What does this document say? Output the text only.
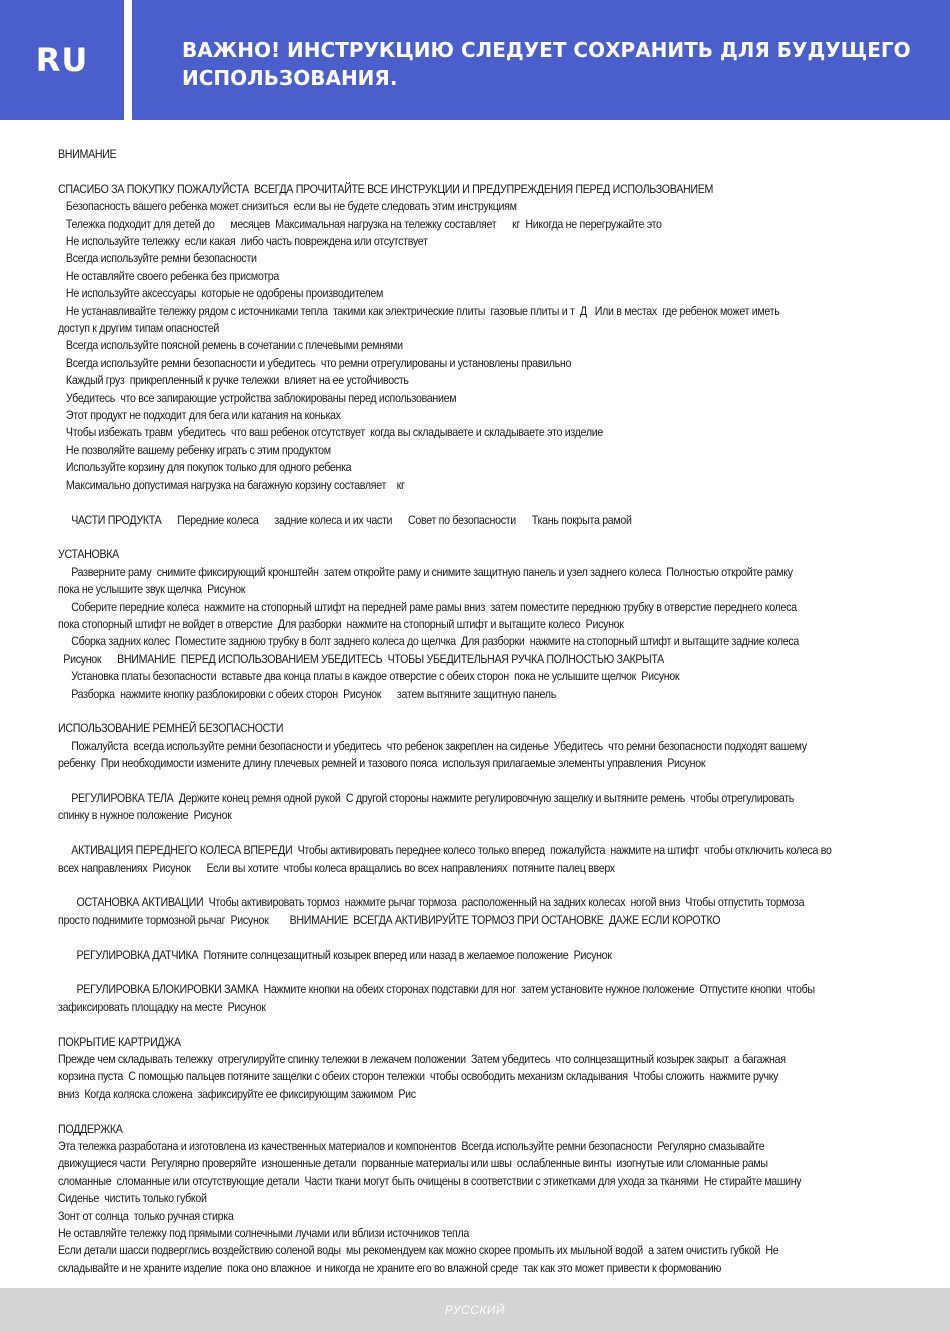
RU	ВАЖНО! ИНСТРУКЦИЮ СЛЕДУЕТ СОХРАНИТЬ ДЛЯ БУДУЩЕГО ИСПОЛЬЗОВАНИЯ.

ВНИМАНИЕ

СПАСИБО ЗА ПОКУПКУ ПОЖАЛУЙСТА  ВСЕГДА ПРОЧИТАЙТЕ ВСЕ ИНСТРУКЦИИ И ПРЕДУПРЕЖДЕНИЯ ПЕРЕД ИСПОЛЬЗОВАНИЕМ

Безопасность вашего ребенка может снизиться  если вы не будете следовать этим инструкциям

Тележка подходит для детей до      месяцев  Максимальная нагрузка на тележку составляет      кг  Никогда не перегружайте это

Не используйте тележку  если какая  либо часть повреждена или отсутствует

Всегда используйте ремни безопасности

Не оставляйте своего ребенка без присмотра

Не используйте аксессуары  которые не одобрены производителем

Не устанавливайте тележку рядом с источниками тепла  такими как электрические плиты  газовые плиты и т  Д   Или в местах  где ребенок может иметь

доступ к другим типам опасностей

Всегда используйте поясной ремень в сочетании с плечевыми ремнями

Всегда используйте ремни безопасности и убедитесь  что ремни отрегулированы и установлены правильно

Каждый груз  прикрепленный к ручке тележки  влияет на ее устойчивость

Убедитесь  что все запирающие устройства заблокированы перед использованием

Этот продукт не подходит для бега или катания на коньках

Чтобы избежать травм  убедитесь  что ваш ребенок отсутствует  когда вы складываете и складываете это изделие

Не позволяйте вашему ребенку играть с этим продуктом

Используйте корзину для покупок только для одного ребенка

Максимально допустимая нагрузка на багажную корзину составляет    кг

ЧАСТИ ПРОДУКТА      Передние колеса      задние колеса и их части      Совет по безопасности      Ткань покрыта рамой

УСТАНОВКА

Разверните раму  снимите фиксирующий кронштейн  затем откройте раму и снимите защитную панель и узел заднего колеса  Полностью откройте рамку

пока не услышите звук щелчка  Рисунок

Соберите передние колеса  нажмите на стопорный штифт на передней раме рамы вниз  затем поместите переднюю трубку в отверстие переднего колеса

пока стопорный штифт не войдет в отверстие  Для разборки  нажмите на стопорный штифт и вытащите колесо  Рисунок

Сборка задних колес  Поместите заднюю трубку в болт заднего колеса до щелчка  Для разборки  нажмите на стопорный штифт и вытащите задние колеса

Рисунок      ВНИМАНИЕ  ПЕРЕД ИСПОЛЬЗОВАНИЕМ УБЕДИТЕСЬ  ЧТОБЫ УБЕДИТЕЛЬНАЯ РУЧКА ПОЛНОСТЬЮ ЗАКРЫТА

Установка платы безопасности  вставьте два конца платы в каждое отверстие с обеих сторон  пока не услышите щелчок  Рисунок

Разборка  нажмите кнопку разблокировки с обеих сторон  Рисунок      затем вытяните защитную панель

ИСПОЛЬЗОВАНИЕ РЕМНЕЙ БЕЗОПАСНОСТИ

Пожалуйста  всегда используйте ремни безопасности и убедитесь  что ребенок закреплен на сиденье  Убедитесь  что ремни безопасности подходят вашему

ребенку  При необходимости измените длину плечевых ремней и тазового пояса  используя прилагаемые элементы управления  Рисунок

РЕГУЛИРОВКА ТЕЛА  Держите конец ремня одной рукой  С другой стороны нажмите регулировочную защелку и вытяните ремень  чтобы отрегулировать

спинку в нужное положение  Рисунок

АКТИВАЦИЯ ПЕРЕДНЕГО КОЛЕСА ВПЕРЕДИ  Чтобы активировать переднее колесо только вперед  пожалуйста  нажмите на штифт  чтобы отключить колеса во

всех направлениях  Рисунок      Если вы хотите  чтобы колеса вращались во всех направлениях  потяните палец вверх

ОСТАНОВКА АКТИВАЦИИ  Чтобы активировать тормоз  нажмите рычаг тормоза  расположенный на задних колесах  ногой вниз  Чтобы отпустить тормоза

просто поднимите тормозной рычаг  Рисунок        ВНИМАНИЕ  ВСЕГДА АКТИВИРУЙТЕ ТОРМОЗ ПРИ ОСТАНОВКЕ  ДАЖЕ ЕСЛИ КОРОТКО

РЕГУЛИРОВКА ДАТЧИКА  Потяните солнцезащитный козырек вперед или назад в желаемое положение  Рисунок

РЕГУЛИРОВКА БЛОКИРОВКИ ЗАМКА  Нажмите кнопки на обеих сторонах подставки для ног  затем установите нужное положение  Отпустите кнопки  чтобы

зафиксировать площадку на месте  Рисунок

ПОКРЫТИЕ КАРТРИДЖА

Прежде чем складывать тележку  отрегулируйте спинку тележки в лежачем положении  Затем убедитесь  что солнцезащитный козырек закрыт  а багажная

корзина пуста  С помощью пальцев потяните защелки с обеих сторон тележки  чтобы освободить механизм складывания  Чтобы сложить  нажмите ручку

вниз  Когда коляска сложена  зафиксируйте ее фиксирующим зажимом  Рис

ПОДДЕРЖКА

Эта тележка разработана и изготовлена из качественных материалов и компонентов  Всегда используйте ремни безопасности  Регулярно смазывайте

движущиеся части  Регулярно проверяйте  изношенные детали  порванные материалы или швы  ослабленные винты  изогнутые или сломанные рамы

сломанные  сломанные или отсутствующие детали  Части ткани могут быть очищены в соответствии с этикетками для ухода за тканями  Не стирайте машину

Сиденье  чистить только губкой

Зонт от солнца  только ручная стирка

Не оставляйте тележку под прямыми солнечными лучами или вблизи источников тепла

Если детали шасси подверглись воздействию соленой воды  мы рекомендуем как можно скорее промыть их мыльной водой  а затем очистить губкой  Не

складывайте и не храните изделие  пока оно влажное  и никогда не храните его во влажной среде  так как это может привести к формованию

РУССКИЙ
